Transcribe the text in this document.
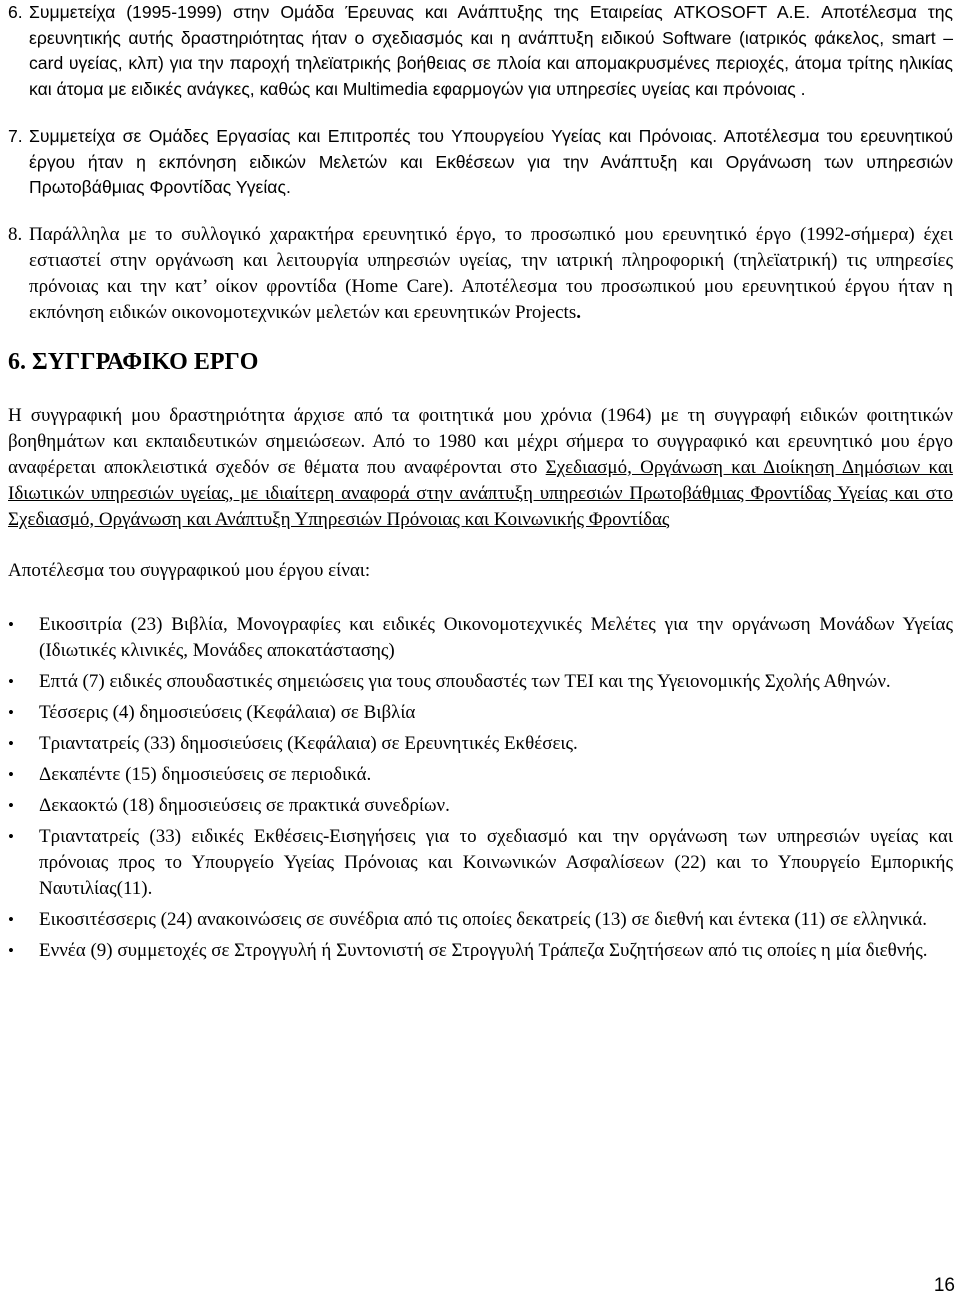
6. Συμμετείχα (1995-1999) στην Ομάδα Έρευνας και Ανάπτυξης της Εταιρείας ATKOSOFT A.E. Αποτέλεσμα της ερευνητικής αυτής δραστηριότητας ήταν ο σχεδιασμός και η ανάπτυξη ειδικού Software (ιατρικός φάκελος, smart – card υγείας, κλπ) για την παροχή τηλεϊατρικής βοήθειας σε πλοία και απομακρυσμένες περιοχές, άτομα τρίτης ηλικίας και άτομα με ειδικές ανάγκες, καθώς και Multimedia εφαρμογών για υπηρεσίες υγείας και πρόνοιας .
7. Συμμετείχα σε Ομάδες Εργασίας και Επιτροπές του Υπουργείου Υγείας και Πρόνοιας. Αποτέλεσμα του ερευνητικού έργου ήταν η εκπόνηση ειδικών Μελετών και Εκθέσεων για την Ανάπτυξη και Οργάνωση των υπηρεσιών Πρωτοβάθμιας Φροντίδας Υγείας.
8. Παράλληλα με το συλλογικό χαρακτήρα ερευνητικό έργο, το προσωπικό μου ερευνητικό έργο (1992-σήμερα) έχει εστιαστεί στην οργάνωση και λειτουργία υπηρεσιών υγείας, την ιατρική πληροφορική (τηλεϊατρική) τις υπηρεσίες πρόνοιας και την κατ’ οίκον φροντίδα (Home Care). Αποτέλεσμα του προσωπικού μου ερευνητικού έργου ήταν η εκπόνηση ειδικών οικονομοτεχνικών μελετών και ερευνητικών Projects.
6. ΣΥΓΓΡΑΦΙΚΟ ΕΡΓΟ

Η συγγραφική μου δραστηριότητα άρχισε από τα φοιτητικά μου χρόνια (1964) με τη συγγραφή ειδικών φοιτητικών βοηθημάτων και εκπαιδευτικών σημειώσεων. Από το 1980 και μέχρι σήμερα το συγγραφικό και ερευνητικό μου έργο αναφέρεται αποκλειστικά σχεδόν σε θέματα που αναφέρονται στο Σχεδιασμό, Οργάνωση και Διοίκηση Δημόσιων και Ιδιωτικών υπηρεσιών υγείας, με ιδιαίτερη αναφορά στην ανάπτυξη υπηρεσιών Πρωτοβάθμιας Φροντίδας Υγείας και στο Σχεδιασμό, Οργάνωση και Ανάπτυξη Υπηρεσιών Πρόνοιας και Κοινωνικής Φροντίδας

Αποτέλεσμα του συγγραφικού μου έργου είναι:

• Εικοσιτρία (23) Βιβλία, Μονογραφίες και ειδικές Οικονομοτεχνικές Μελέτες για την οργάνωση Μονάδων Υγείας (Ιδιωτικές κλινικές, Μονάδες αποκατάστασης)
• Επτά (7) ειδικές σπουδαστικές σημειώσεις για τους σπουδαστές των ΤΕΙ και της Υγειονομικής Σχολής Αθηνών.
• Τέσσερις (4) δημοσιεύσεις (Κεφάλαια) σε Βιβλία
• Τριαντατρείς (33) δημοσιεύσεις (Κεφάλαια) σε Ερευνητικές Εκθέσεις.
• Δεκαπέντε (15) δημοσιεύσεις σε περιοδικά.
• Δεκαοκτώ (18) δημοσιεύσεις σε πρακτικά συνεδρίων.
• Τριαντατρείς (33) ειδικές Εκθέσεις-Εισηγήσεις για το σχεδιασμό και την οργάνωση των υπηρεσιών υγείας και πρόνοιας προς το Υπουργείο Υγείας Πρόνοιας και Κοινωνικών Ασφαλίσεων (22) και το Υπουργείο Εμπορικής Ναυτιλίας(11).
• Εικοσιτέσσερις (24) ανακοινώσεις σε συνέδρια από τις οποίες δεκατρείς (13) σε διεθνή και έντεκα (11) σε ελληνικά.
• Εννέα (9) συμμετοχές σε Στρογγυλή ή Συντονιστή σε Στρογγυλή Τράπεζα Συζητήσεων από τις οποίες η μία διεθνής.
16
